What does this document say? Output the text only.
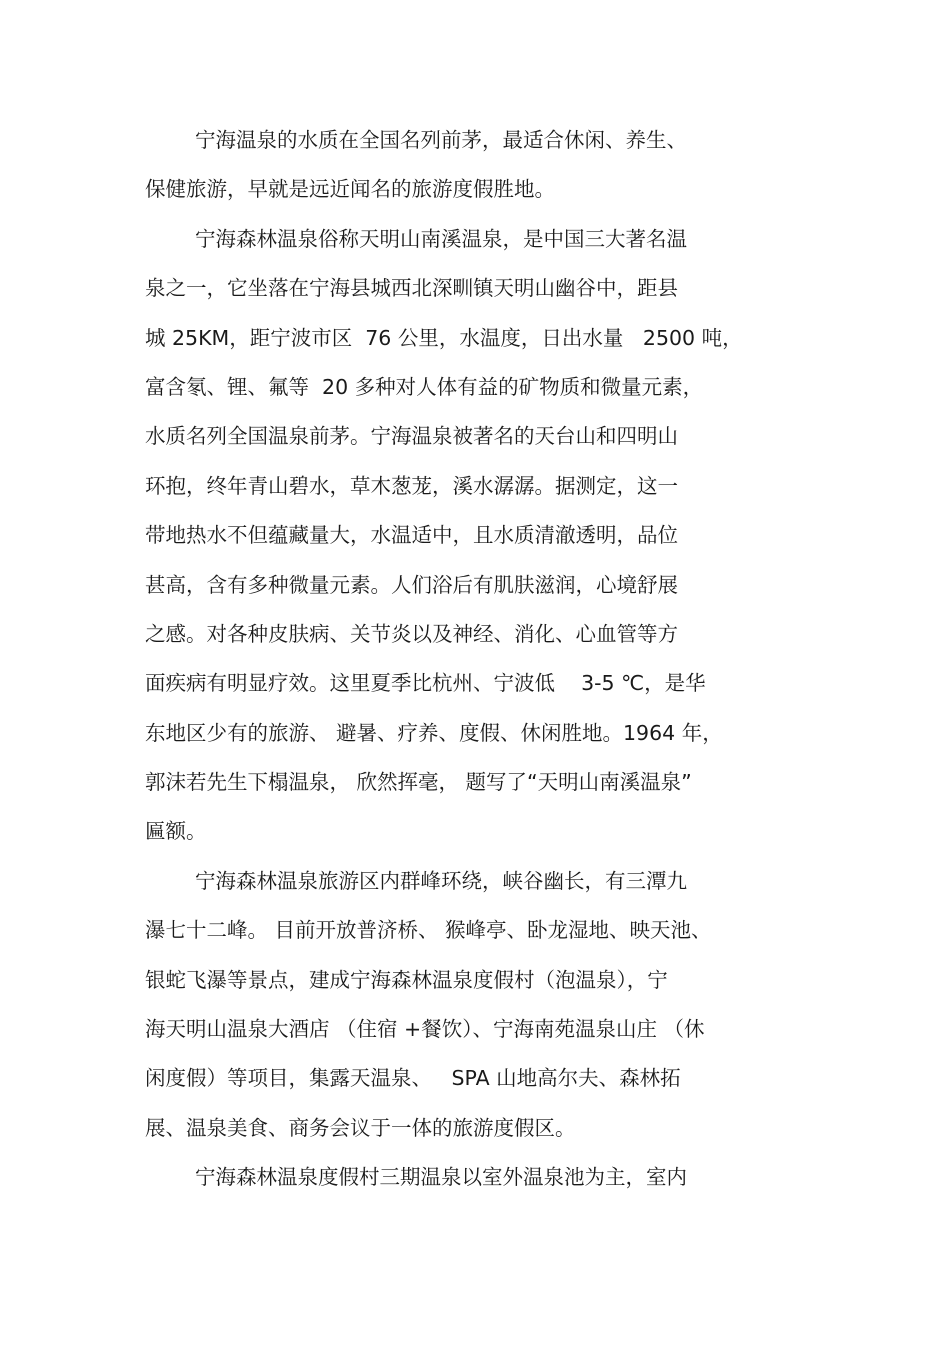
宁海温泉的水质在全国名列前茅，最适合休闲、养生、
保健旅游，早就是远近闻名的旅游度假胜地。
宁海森林温泉俗称天明山南溪温泉，是中国三大著名温
泉之一，它坐落在宁海县城西北深甽镇天明山幽谷中，距县
城 25KM，距宁波市区  76 公里，水温度，日出水量   2500 吨，
富含氡、锂、氟等  20 多种对人体有益的矿物质和微量元素，
水质名列全国温泉前茅。宁海温泉被著名的天台山和四明山
环抱，终年青山碧水，草木葱茏，溪水潺潺。据测定，这一
带地热水不但蕴藏量大，水温适中，且水质清澈透明，品位
甚高，含有多种微量元素。人们浴后有肌肤滋润，心境舒展
之感。对各种皮肤病、关节炎以及神经、消化、心血管等方
面疾病有明显疗效。这里夏季比杭州、宁波低    3-5 ℃，是华
东地区少有的旅游、 避暑、疗养、度假、休闲胜地。1964 年，
郭沫若先生下榻温泉， 欣然挥毫， 题写了“天明山南溪温泉”
匾额。
宁海森林温泉旅游区内群峰环绕，峡谷幽长，有三潭九
瀑七十二峰。 目前开放普济桥、 猴峰亭、卧龙湿地、映天池、
银蛇飞瀑等景点，建成宁海森林温泉度假村（泡温泉），宁
海天明山温泉大酒店 （住宿 +餐饮）、宁海南苑温泉山庄 （休
闲度假）等项目，集露天温泉、   SPA 山地高尔夫、森林拓
展、温泉美食、商务会议于一体的旅游度假区。
宁海森林温泉度假村三期温泉以室外温泉池为主，室内
